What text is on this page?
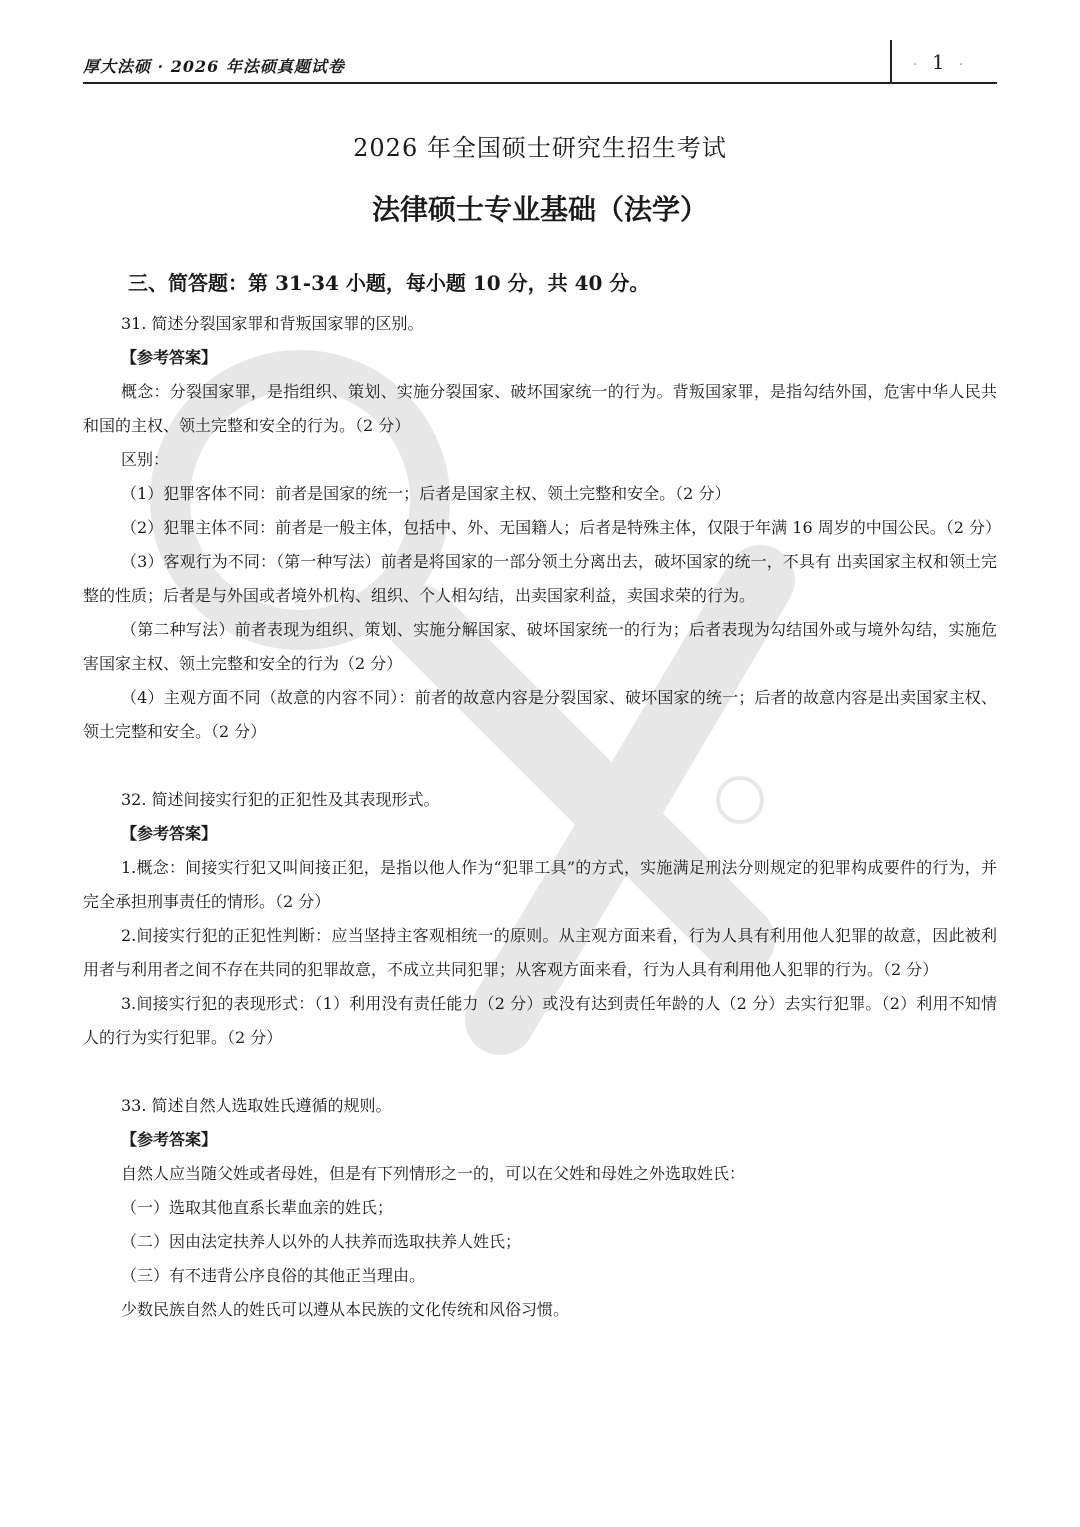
厚大法硕 · 2026 年法硕真题试卷	· 1 ·
2026 年全国硕士研究生招生考试
法律硕士专业基础（法学）
三、简答题：第 31-34 小题，每小题 10 分，共 40 分。

31. 简述分裂国家罪和背叛国家罪的区别。

【参考答案】

概念：分裂国家罪，是指组织、策划、实施分裂国家、破坏国家统一的行为。背叛国家罪，是指勾结外国，危害中华人民共和国的主权、领土完整和安全的行为。（2 分）

区别：

（1）犯罪客体不同：前者是国家的统一；后者是国家主权、领土完整和安全。（2 分）

（2）犯罪主体不同：前者是一般主体，包括中、外、无国籍人；后者是特殊主体，仅限于年满 16 周岁的中国公民。（2 分）

（3）客观行为不同：（第一种写法）前者是将国家的一部分领土分离出去，破坏国家的统一，不具有 出卖国家主权和领土完整的性质；后者是与外国或者境外机构、组织、个人相勾结，出卖国家利益，卖国求荣的行为。

（第二种写法）前者表现为组织、策划、实施分解国家、破坏国家统一的行为；后者表现为勾结国外或与境外勾结，实施危害国家主权、领土完整和安全的行为（2 分）

（4）主观方面不同（故意的内容不同）：前者的故意内容是分裂国家、破坏国家的统一；后者的故意内容是出卖国家主权、领土完整和安全。（2 分）

32. 简述间接实行犯的正犯性及其表现形式。

【参考答案】

1.概念：间接实行犯又叫间接正犯，是指以他人作为“犯罪工具”的方式，实施满足刑法分则规定的犯罪构成要件的行为，并完全承担刑事责任的情形。（2 分）

2.间接实行犯的正犯性判断：应当坚持主客观相统一的原则。从主观方面来看，行为人具有利用他人犯罪的故意，因此被利用者与利用者之间不存在共同的犯罪故意，不成立共同犯罪；从客观方面来看，行为人具有利用他人犯罪的行为。（2 分）

3.间接实行犯的表现形式：（1）利用没有责任能力（2 分）或没有达到责任年龄的人（2 分）去实行犯罪。（2）利用不知情人的行为实行犯罪。（2 分）

33. 简述自然人选取姓氏遵循的规则。

【参考答案】

自然人应当随父姓或者母姓，但是有下列情形之一的，可以在父姓和母姓之外选取姓氏：

（一）选取其他直系长辈血亲的姓氏；

（二）因由法定扶养人以外的人扶养而选取扶养人姓氏；

（三）有不违背公序良俗的其他正当理由。

少数民族自然人的姓氏可以遵从本民族的文化传统和风俗习惯。
